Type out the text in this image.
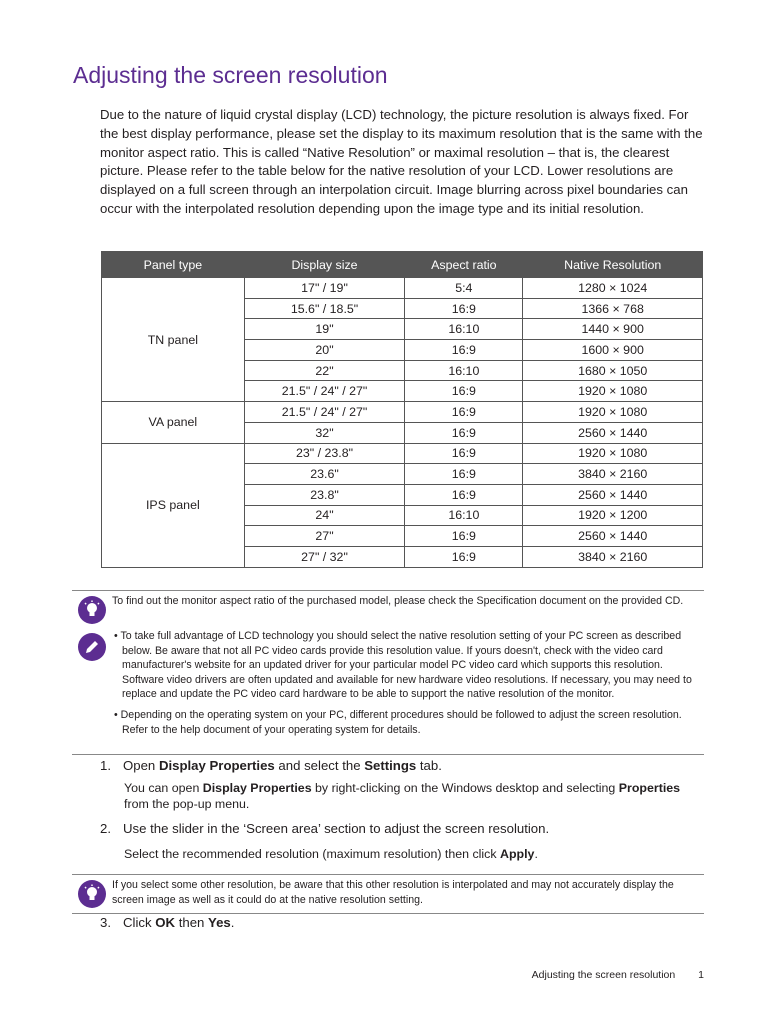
Adjusting the screen resolution

Due to the nature of liquid crystal display (LCD) technology, the picture resolution is always fixed. For the best display performance, please set the display to its maximum resolution that is the same with the monitor aspect ratio. This is called “Native Resolution” or maximal resolution – that is, the clearest picture. Please refer to the table below for the native resolution of your LCD. Lower resolutions are displayed on a full screen through an interpolation circuit. Image blurring across pixel boundaries can occur with the interpolated resolution depending upon the image type and its initial resolution.

Panel type	Display size	Aspect ratio	Native Resolution
TN panel	17" / 19"	5:4	1280 × 1024
	15.6" / 18.5"	16:9	1366 × 768
	19"	16:10	1440 × 900
	20"	16:9	1600 × 900
	22"	16:10	1680 × 1050
	21.5" / 24" / 27"	16:9	1920 × 1080
VA panel	21.5" / 24" / 27"	16:9	1920 × 1080
	32"	16:9	2560 × 1440
IPS panel	23" / 23.8"	16:9	1920 × 1080
	23.6"	16:9	3840 × 2160
	23.8"	16:9	2560 × 1440
	24"	16:10	1920 × 1200
	27"	16:9	2560 × 1440
	27" / 32"	16:9	3840 × 2160

To find out the monitor aspect ratio of the purchased model, please check the Specification document on the provided CD.

• To take full advantage of LCD technology you should select the native resolution setting of your PC screen as described below. Be aware that not all PC video cards provide this resolution value. If yours doesn't, check with the video card manufacturer's website for an updated driver for your particular model PC video card which supports this resolution. Software video drivers are often updated and available for new hardware video resolutions. If necessary, you may need to replace and update the PC video card hardware to be able to support the native resolution of the monitor.

• Depending on the operating system on your PC, different procedures should be followed to adjust the screen resolution. Refer to the help document of your operating system for details.

1. Open Display Properties and select the Settings tab.
You can open Display Properties by right-clicking on the Windows desktop and selecting Properties from the pop-up menu.
2. Use the slider in the ‘Screen area’ section to adjust the screen resolution.
Select the recommended resolution (maximum resolution) then click Apply.

If you select some other resolution, be aware that this other resolution is interpolated and may not accurately display the screen image as well as it could do at the native resolution setting.

3. Click OK then Yes.
Adjusting the screen resolution 1
